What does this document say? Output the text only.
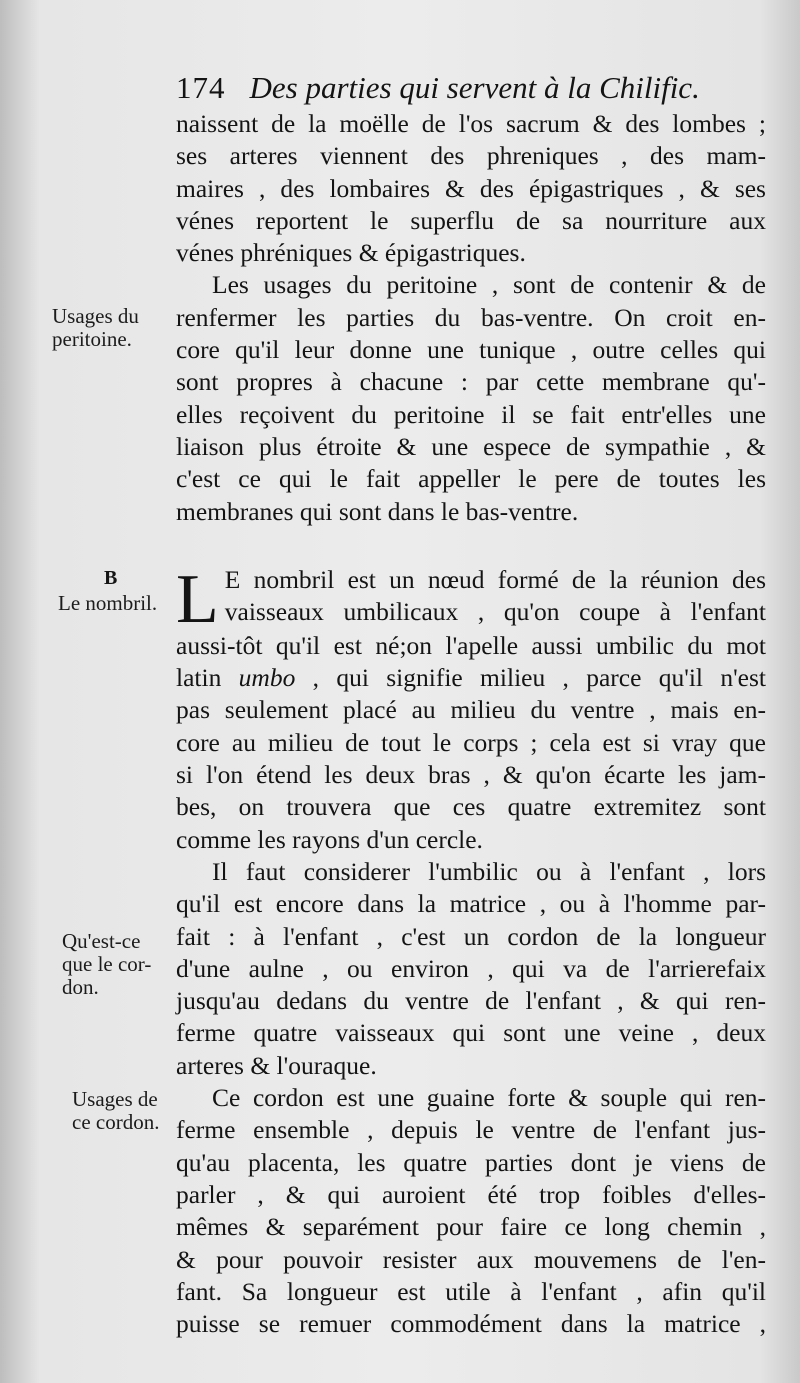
174 Des parties qui servent à la Chilific.
Usages du
peritoine.
B
Le nombril.
Qu'est-ce
que le cor-
don.
Usages de
ce cordon.
naissent de la moëlle de l'os sacrum & des lombes ;
ses arteres viennent des phreniques , des mam-
maires , des lombaires & des épigastriques , & ses
vénes reportent le superflu de sa nourriture aux
vénes phréniques & épigastriques.
Les usages du peritoine , sont de contenir & de
renfermer les parties du bas-ventre. On croit en-
core qu'il leur donne une tunique , outre celles qui
sont propres à chacune : par cette membrane qu'-
elles reçoivent du peritoine il se fait entr'elles une
liaison plus étroite & une espece de sympathie , &
c'est ce qui le fait appeller le pere de toutes les
membranes qui sont dans le bas-ventre.
L E nombril est un nœud formé de la réunion des
vaisseaux umbilicaux , qu'on coupe à l'enfant
aussi-tôt qu'il est né;on l'apelle aussi umbilic du mot
latin umbo , qui signifie milieu , parce qu'il n'est
pas seulement placé au milieu du ventre , mais en-
core au milieu de tout le corps ; cela est si vray que
si l'on étend les deux bras , & qu'on écarte les jam-
bes, on trouvera que ces quatre extremitez sont
comme les rayons d'un cercle.
Il faut considerer l'umbilic ou à l'enfant , lors
qu'il est encore dans la matrice , ou à l'homme par-
fait : à l'enfant , c'est un cordon de la longueur
d'une aulne , ou environ , qui va de l'arrierefaix
jusqu'au dedans du ventre de l'enfant , & qui ren-
ferme quatre vaisseaux qui sont une veine , deux
arteres & l'ouraque.
Ce cordon est une guaine forte & souple qui ren-
ferme ensemble , depuis le ventre de l'enfant jus-
qu'au placenta, les quatre parties dont je viens de
parler , & qui auroient été trop foibles d'elles-
mêmes & separément pour faire ce long chemin ,
& pour pouvoir resister aux mouvemens de l'en-
fant. Sa longueur est utile à l'enfant , afin qu'il
puisse se remuer commodément dans la matrice ,
